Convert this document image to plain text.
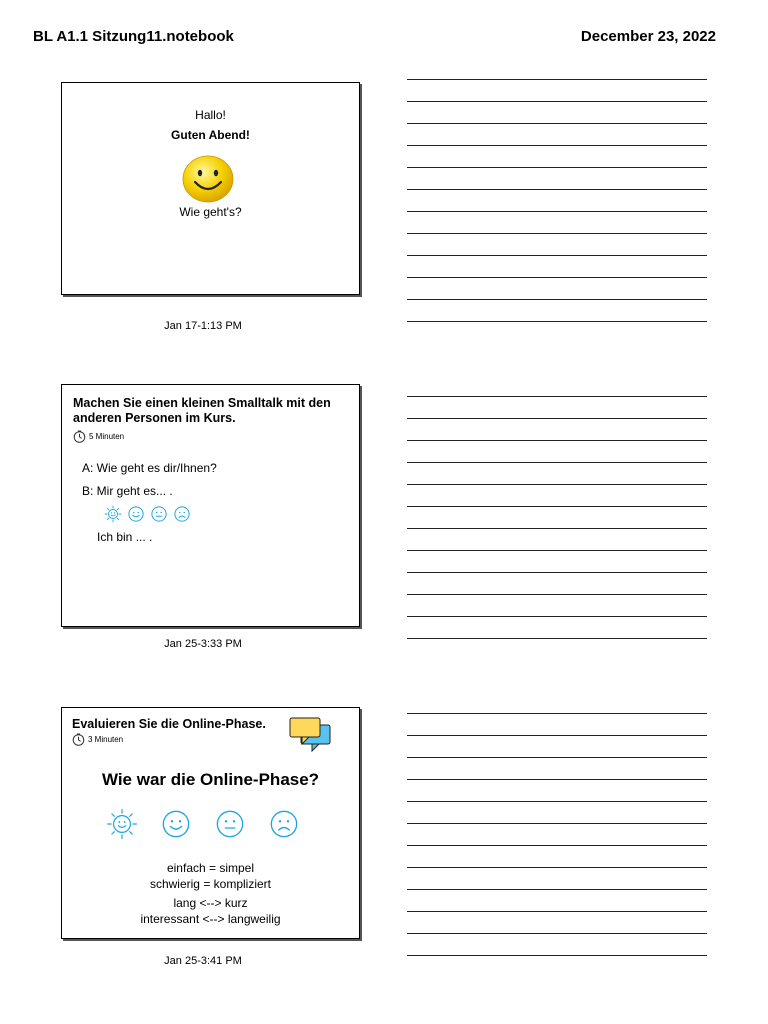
BL A1.1 Sitzung11.notebook	December 23, 2022
Hallo!
Guten Abend!
Wie geht's?
Jan 17-1:13 PM
Machen Sie einen kleinen Smalltalk mit den anderen Personen im Kurs.
5 Minuten
A: Wie geht es dir/Ihnen?
B: Mir geht es... .
Ich bin ... .
Jan 25-3:33 PM
Evaluieren Sie die Online-Phase.
3 Minuten
Wie war die Online-Phase?
einfach = simpel
schwierig = kompliziert
lang <--> kurz
interessant <--> langweilig
Jan 25-3:41 PM
